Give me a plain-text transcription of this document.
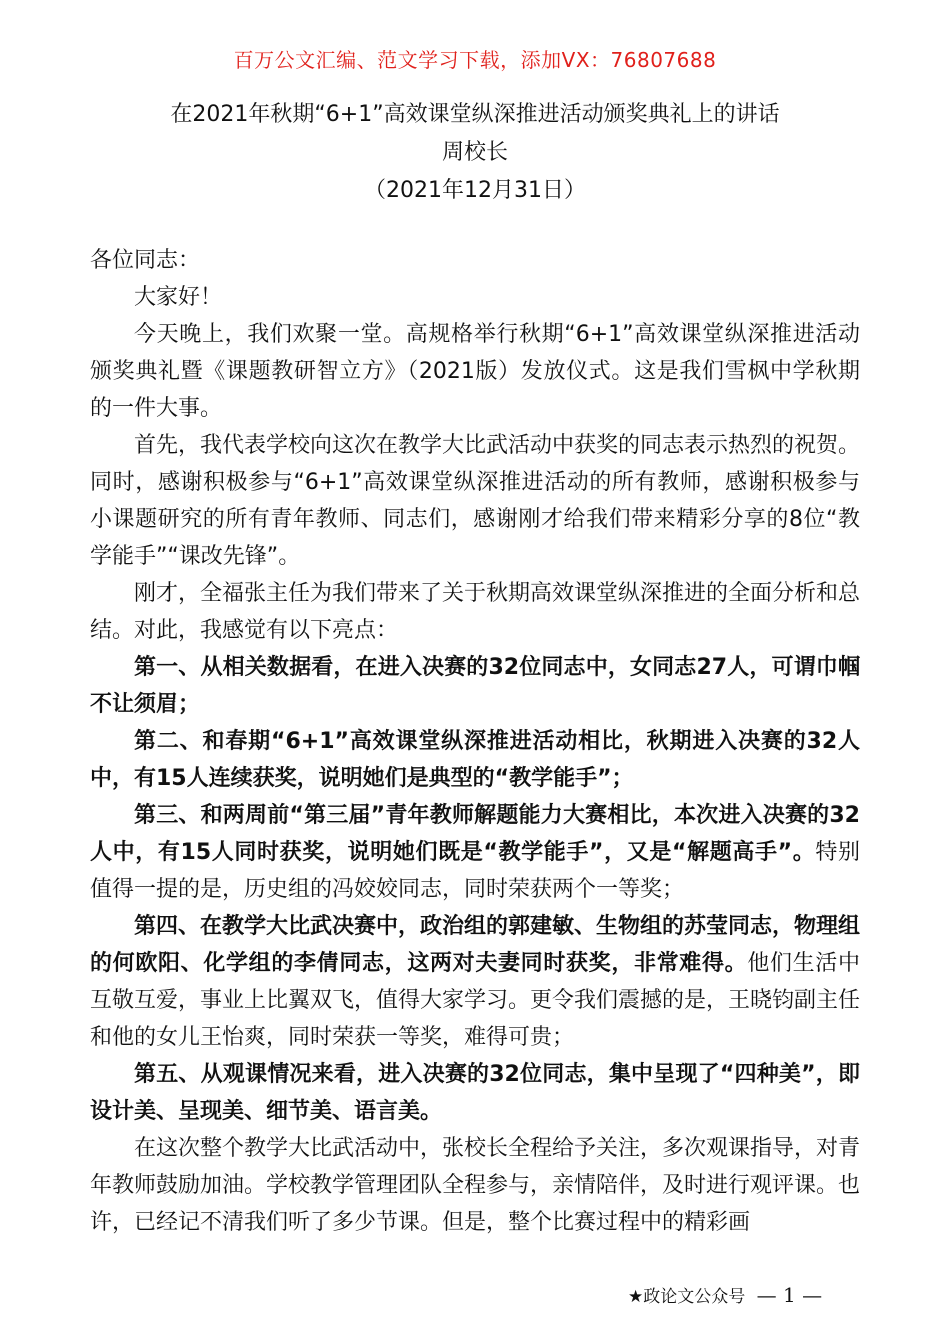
百万公文汇编、范文学习下载，添加VX：76807688
在2021年秋期“6+1”高效课堂纵深推进活动颁奖典礼上的讲话
周校长
（2021年12月31日）

各位同志：

大家好！

今天晚上，我们欢聚一堂。高规格举行秋期“6+1”高效课堂纵深推进活动颁奖典礼暨《课题教研智立方》（2021版）发放仪式。这是我们雪枫中学秋期的一件大事。

首先，我代表学校向这次在教学大比武活动中获奖的同志表示热烈的祝贺。同时，感谢积极参与“6+1”高效课堂纵深推进活动的所有教师，感谢积极参与小课题研究的所有青年教师、同志们，感谢刚才给我们带来精彩分享的8位“教学能手”“课改先锋”。

刚才，全福张主任为我们带来了关于秋期高效课堂纵深推进的全面分析和总结。对此，我感觉有以下亮点：

第一、从相关数据看，在进入决赛的32位同志中，女同志27人，可谓巾帼不让须眉；

第二、和春期“6+1”高效课堂纵深推进活动相比，秋期进入决赛的32人中，有15人连续获奖，说明她们是典型的“教学能手”；

第三、和两周前“第三届”青年教师解题能力大赛相比，本次进入决赛的32人中，有15人同时获奖，说明她们既是“教学能手”，又是“解题高手”。特别值得一提的是，历史组的冯姣姣同志，同时荣获两个一等奖；

第四、在教学大比武决赛中，政治组的郭建敏、生物组的苏莹同志，物理组的何欧阳、化学组的李倩同志，这两对夫妻同时获奖，非常难得。他们生活中互敬互爱，事业上比翼双飞，值得大家学习。更令我们震撼的是，王晓钧副主任和他的女儿王怡爽，同时荣获一等奖，难得可贵；

第五、从观课情况来看，进入决赛的32位同志，集中呈现了“四种美”，即设计美、呈现美、细节美、语言美。

在这次整个教学大比武活动中，张校长全程给予关注，多次观课指导，对青年教师鼓励加油。学校教学管理团队全程参与，亲情陪伴，及时进行观评课。也许，已经记不清我们听了多少节课。但是，整个比赛过程中的精彩画

★政论文公众号 — 1 —
